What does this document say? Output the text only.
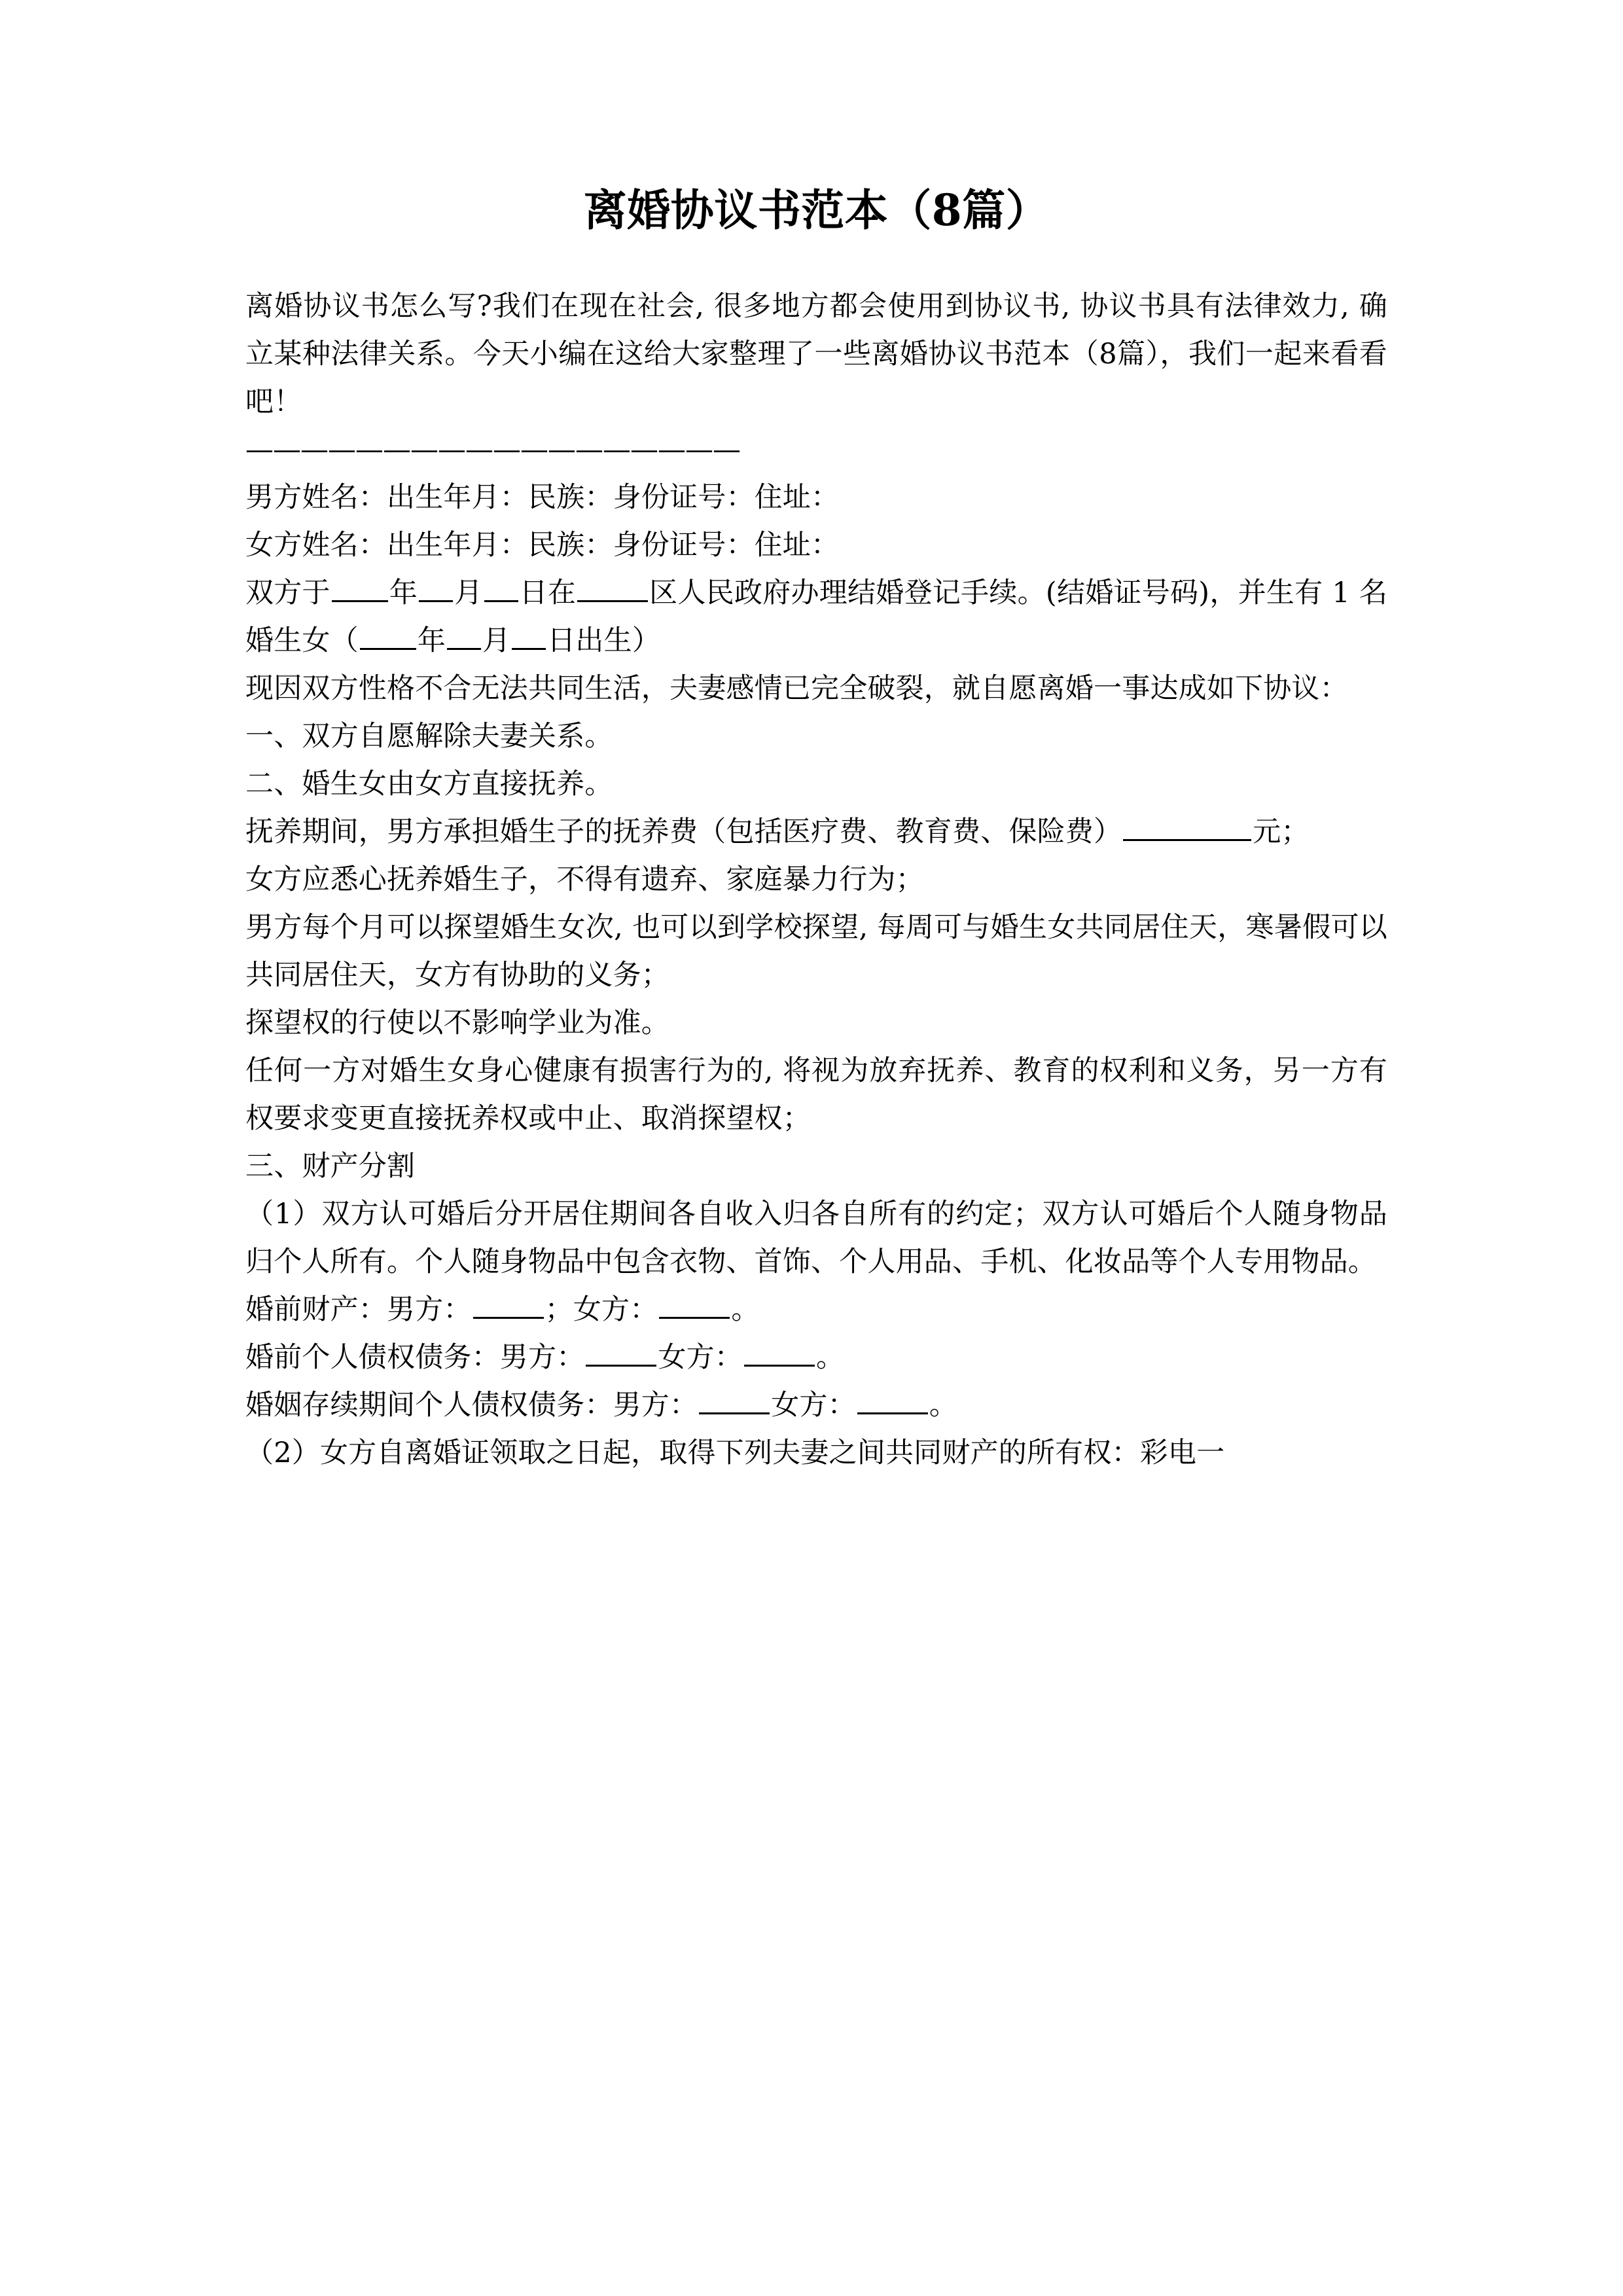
离婚协议书范本（8篇）

离婚协议书怎么写?我们在现在社会, 很多地方都会使用到协议书, 协议书具有法律效力, 确立某种法律关系。今天小编在这给大家整理了一些离婚协议书范本（8篇），我们一起来看看吧！

——————————————————

男方姓名：出生年月：民族：身份证号：住址：

女方姓名：出生年月：民族：身份证号：住址：

双方于 年 月 日在	区人民政府办理结婚登记手续。(结婚证号码)，并生有 1 名婚生女（ 年 月 日出生）

现因双方性格不合无法共同生活，夫妻感情已完全破裂，就自愿离婚一事达成如下协议：

一、双方自愿解除夫妻关系。

二、婚生女由女方直接抚养。

抚养期间，男方承担婚生子的抚养费（包括医疗费、教育费、保险费）	元；

女方应悉心抚养婚生子，不得有遗弃、家庭暴力行为；

男方每个月可以探望婚生女次, 也可以到学校探望, 每周可与婚生女共同居住天，寒暑假可以共同居住天，女方有协助的义务；

探望权的行使以不影响学业为准。

任何一方对婚生女身心健康有损害行为的, 将视为放弃抚养、教育的权利和义务，另一方有权要求变更直接抚养权或中止、取消探望权；

三、财产分割

（1）双方认可婚后分开居住期间各自收入归各自所有的约定；双方认可婚后个人随身物品归个人所有。个人随身物品中包含衣物、首饰、个人用品、手机、化妆品等个人专用物品。

婚前财产：男方：	；女方：	。

婚前个人债权债务：男方：	女方：	。

婚姻存续期间个人债权债务：男方：	女方：	。

（2）女方自离婚证领取之日起，取得下列夫妻之间共同财产的所有权：彩电一
